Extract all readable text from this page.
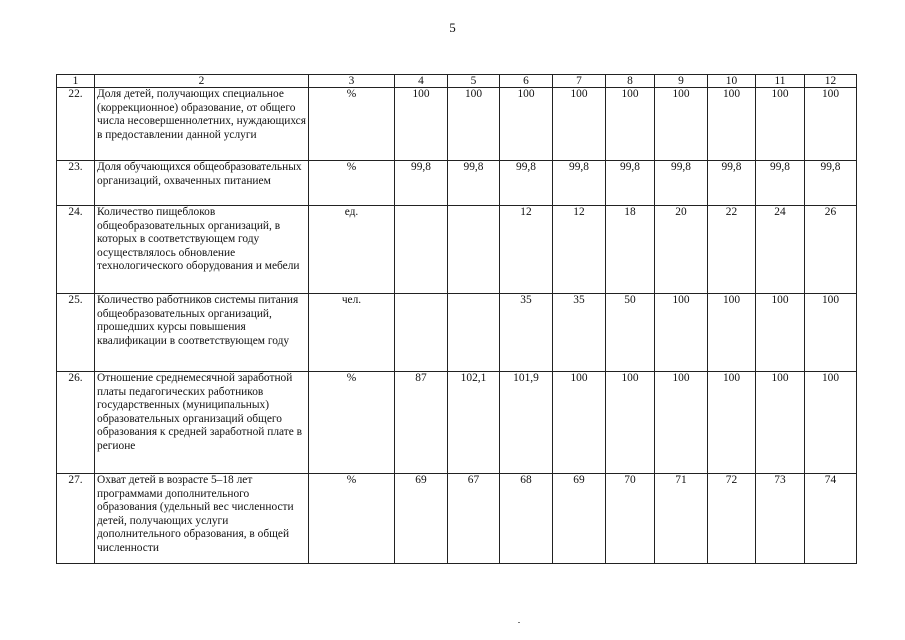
5
1	2	3	4	5	6	7	8	9	10	11	12
22.	Доля детей, получающих специальное (коррекционное) образование, от общего числа несовершеннолетних, нуждающихся в предоставлении данной услуги	%	100	100	100	100	100	100	100	100	100
23.	Доля обучающихся общеобразовательных организаций, охваченных питанием	%	99,8	99,8	99,8	99,8	99,8	99,8	99,8	99,8	99,8
24.	Количество пищеблоков общеобразовательных организаций, в которых в соответствующем году осуществлялось обновление технологического оборудования и мебели	ед.			12	12	18	20	22	24	26
25.	Количество работников системы питания общеобразовательных организаций, прошедших курсы повышения квалификации в соответствующем году	чел.			35	35	50	100	100	100	100
26.	Отношение среднемесячной заработной платы педагогических работников государственных (муниципальных) образовательных организаций общего образования к средней заработной плате в регионе	%	87	102,1	101,9	100	100	100	100	100	100
27.	Охват детей в возрасте 5–18 лет программами дополнительного образования (удельный вес численности детей, получающих услуги дополнительного образования, в общей численности	%	69	67	68	69	70	71	72	73	74
